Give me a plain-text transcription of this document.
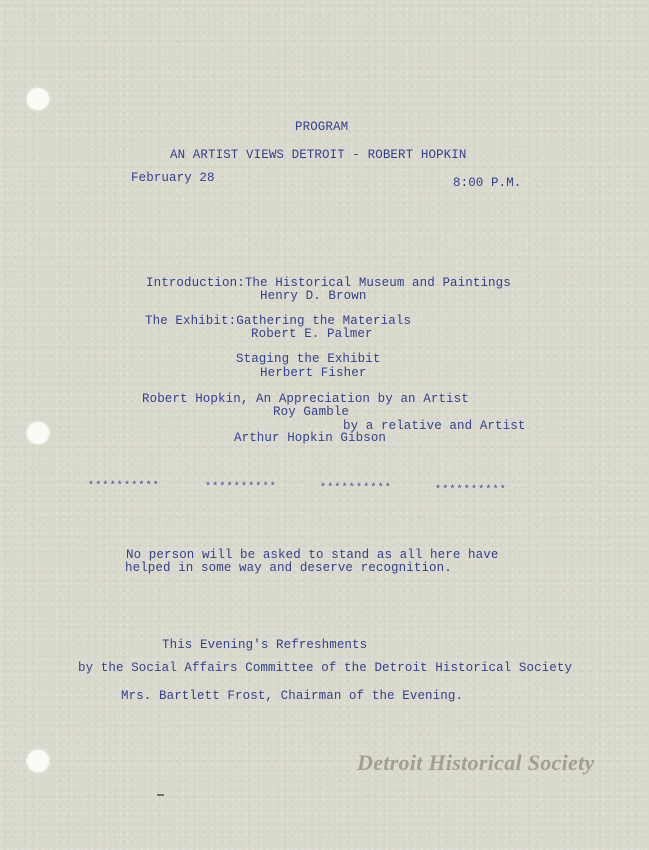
PROGRAM
AN ARTIST VIEWS DETROIT - ROBERT HOPKIN
February 28	8:00 P.M.
Introduction:The Historical Museum and Paintings
Henry D. Brown
The Exhibit:Gathering the Materials
Robert E. Palmer
Staging the Exhibit
Herbert Fisher
Robert Hopkin, An Appreciation by an Artist
Roy Gamble
by a relative and Artist
Arthur Hopkin Gibson
**********	**********	**********	**********
No person will be asked to stand as all here have
helped in some way and deserve recognition.
This Evening's Refreshments
by the Social Affairs Committee of the Detroit Historical Society
Mrs. Bartlett Frost, Chairman of the Evening.
Detroit Historical Society
